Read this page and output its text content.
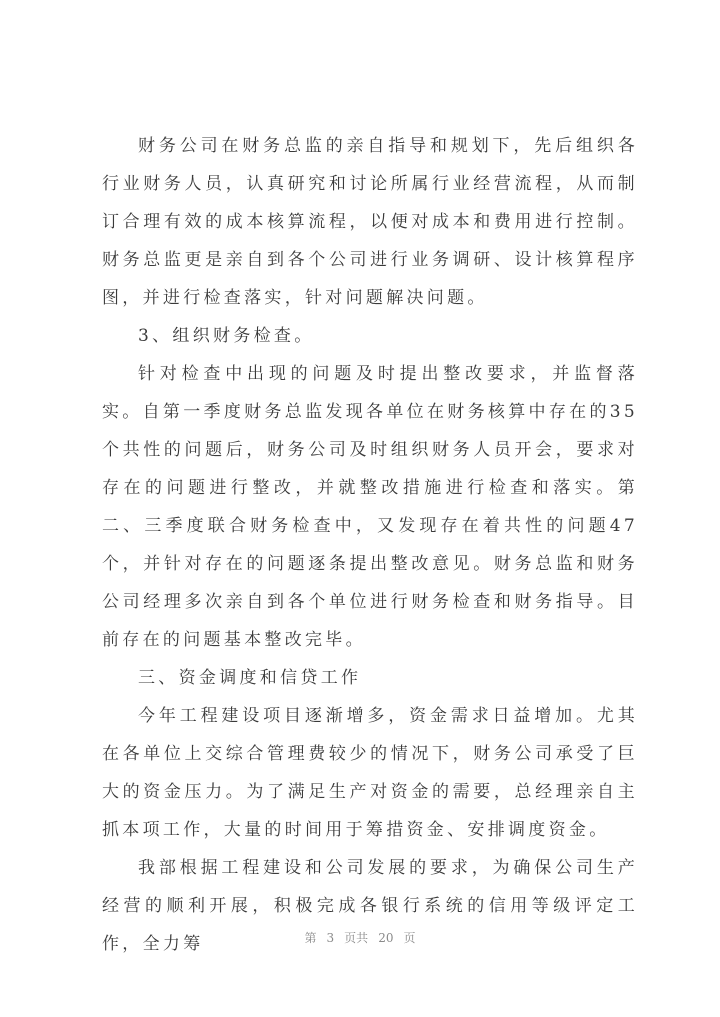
财务公司在财务总监的亲自指导和规划下，先后组织各行业财务人员，认真研究和讨论所属行业经营流程，从而制订合理有效的成本核算流程，以便对成本和费用进行控制。财务总监更是亲自到各个公司进行业务调研、设计核算程序图，并进行检查落实，针对问题解决问题。

3、组织财务检查。

针对检查中出现的问题及时提出整改要求，并监督落实。自第一季度财务总监发现各单位在财务核算中存在的35个共性的问题后，财务公司及时组织财务人员开会，要求对存在的问题进行整改，并就整改措施进行检查和落实。第二、三季度联合财务检查中，又发现存在着共性的问题47个，并针对存在的问题逐条提出整改意见。财务总监和财务公司经理多次亲自到各个单位进行财务检查和财务指导。目前存在的问题基本整改完毕。

三、资金调度和信贷工作

今年工程建设项目逐渐增多，资金需求日益增加。尤其在各单位上交综合管理费较少的情况下，财务公司承受了巨大的资金压力。为了满足生产对资金的需要，总经理亲自主抓本项工作，大量的时间用于筹措资金、安排调度资金。

我部根据工程建设和公司发展的要求，为确保公司生产经营的顺利开展，积极完成各银行系统的信用等级评定工作，全力筹	第 3 页共 20 页
